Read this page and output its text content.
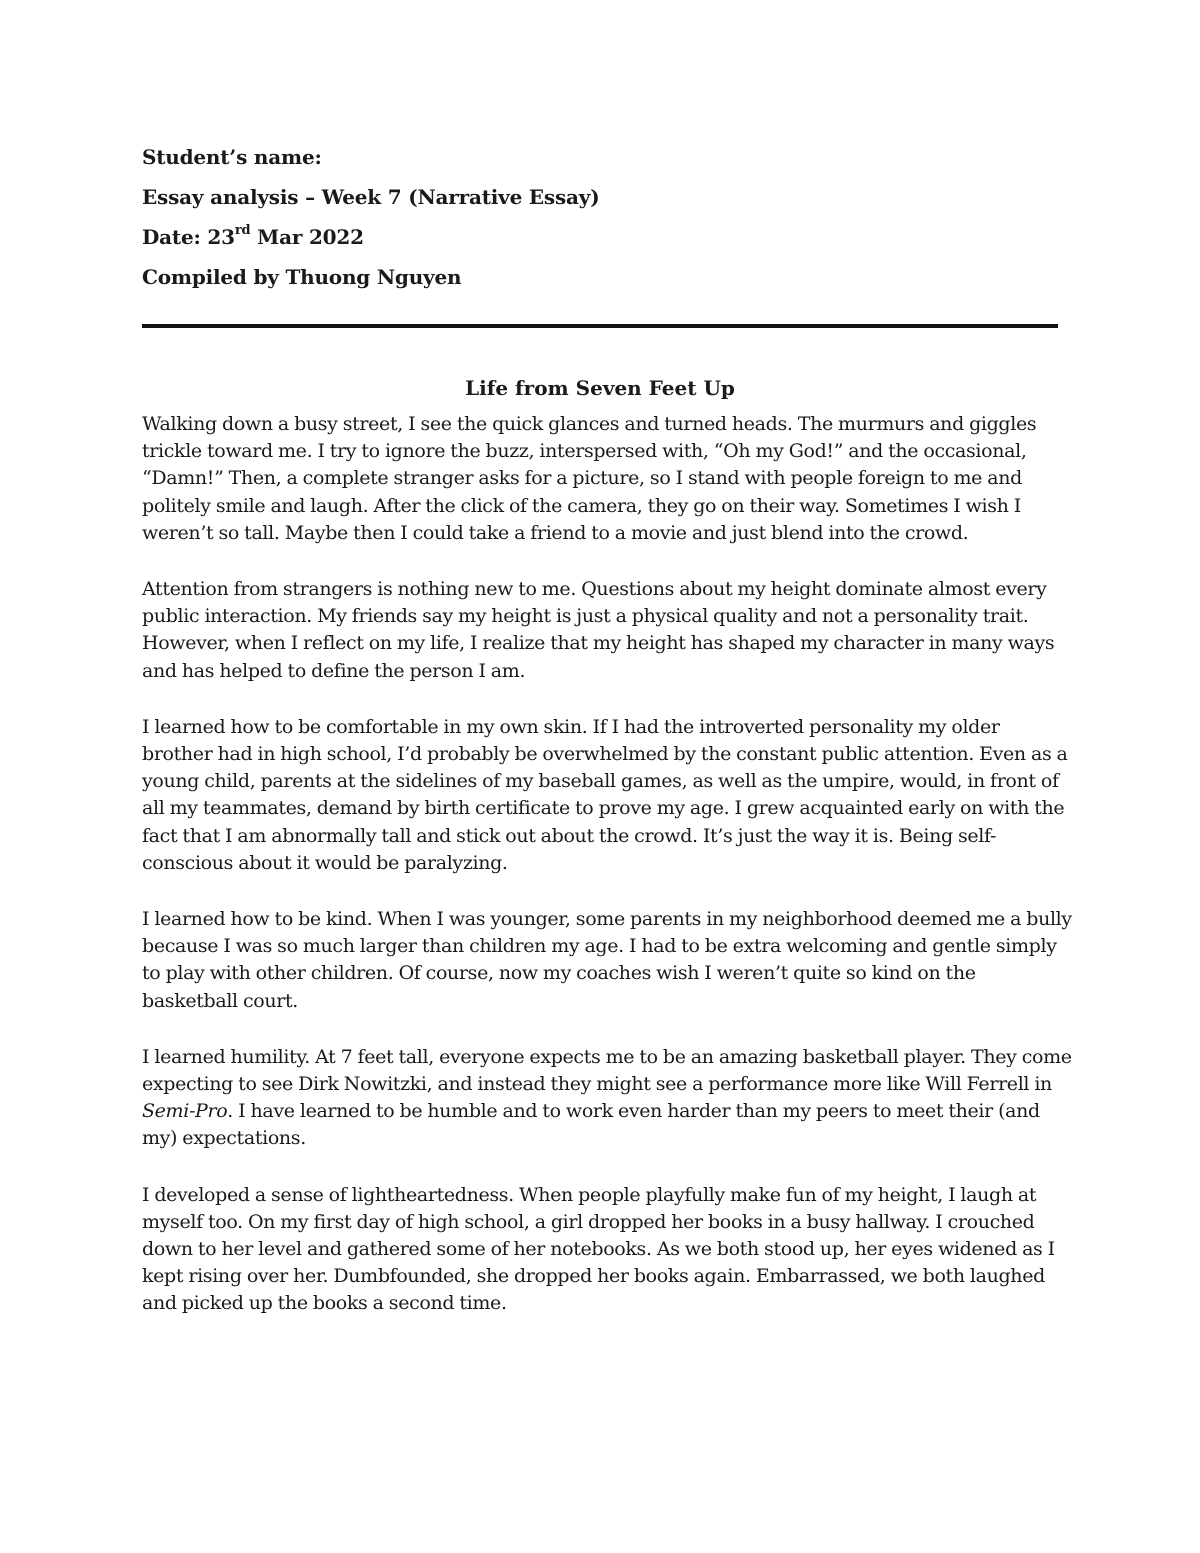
Student’s name:

Essay analysis – Week 7 (Narrative Essay)

Date: 23rd Mar 2022

Compiled by Thuong Nguyen

Life from Seven Feet Up

Walking down a busy street, I see the quick glances and turned heads. The murmurs and giggles trickle toward me. I try to ignore the buzz, interspersed with, “Oh my God!” and the occasional, “Damn!” Then, a complete stranger asks for a picture, so I stand with people foreign to me and politely smile and laugh. After the click of the camera, they go on their way. Sometimes I wish I weren’t so tall. Maybe then I could take a friend to a movie and just blend into the crowd.

Attention from strangers is nothing new to me. Questions about my height dominate almost every public interaction. My friends say my height is just a physical quality and not a personality trait. However, when I reflect on my life, I realize that my height has shaped my character in many ways and has helped to define the person I am.

I learned how to be comfortable in my own skin. If I had the introverted personality my older brother had in high school, I’d probably be overwhelmed by the constant public attention. Even as a young child, parents at the sidelines of my baseball games, as well as the umpire, would, in front of all my teammates, demand by birth certificate to prove my age. I grew acquainted early on with the fact that I am abnormally tall and stick out about the crowd. It’s just the way it is. Being self-conscious about it would be paralyzing.

I learned how to be kind. When I was younger, some parents in my neighborhood deemed me a bully because I was so much larger than children my age. I had to be extra welcoming and gentle simply to play with other children. Of course, now my coaches wish I weren’t quite so kind on the basketball court.

I learned humility. At 7 feet tall, everyone expects me to be an amazing basketball player. They come expecting to see Dirk Nowitzki, and instead they might see a performance more like Will Ferrell in Semi-Pro. I have learned to be humble and to work even harder than my peers to meet their (and my) expectations.

I developed a sense of lightheartedness. When people playfully make fun of my height, I laugh at myself too. On my first day of high school, a girl dropped her books in a busy hallway. I crouched down to her level and gathered some of her notebooks. As we both stood up, her eyes widened as I kept rising over her. Dumbfounded, she dropped her books again. Embarrassed, we both laughed and picked up the books a second time.
